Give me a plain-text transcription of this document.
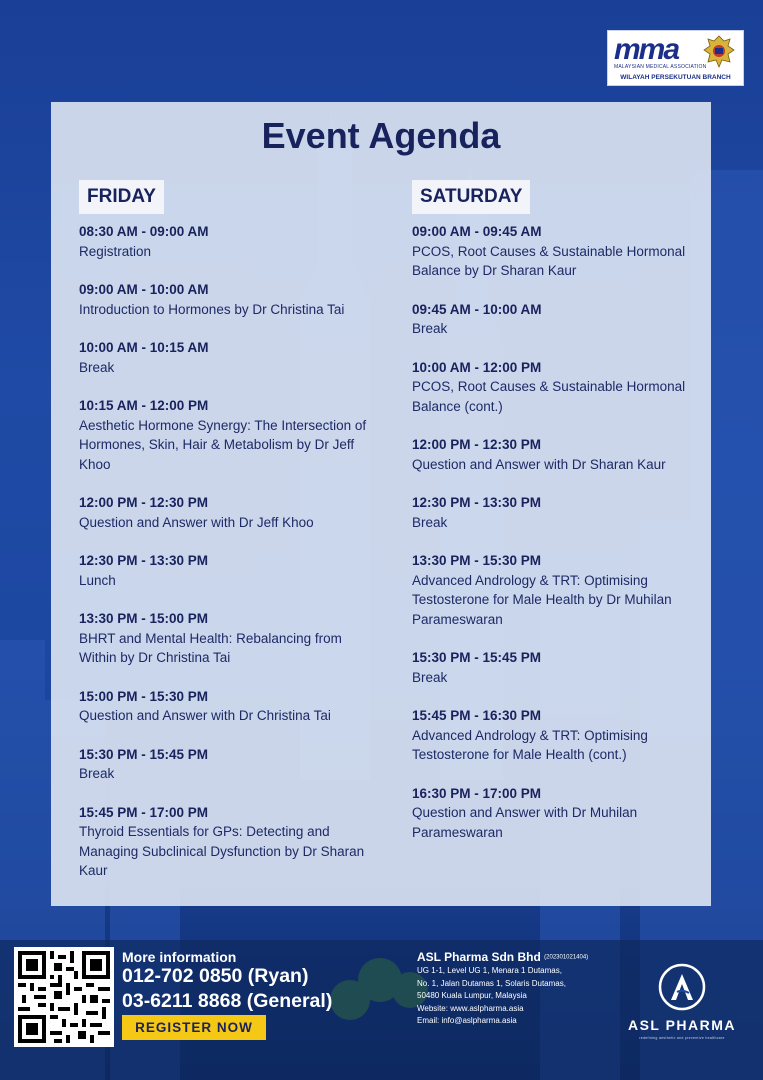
mma
MALAYSIAN MEDICAL ASSOCIATION
WILAYAH PERSEKUTUAN BRANCH
Event Agenda
FRIDAY	SATURDAY
08:30 AM - 09:00 AM
Registration
09:00 AM - 10:00 AM
Introduction to Hormones by Dr Christina Tai
10:00 AM - 10:15 AM
Break
10:15 AM - 12:00 PM
Aesthetic Hormone Synergy: The Intersection of Hormones, Skin, Hair & Metabolism by Dr Jeff Khoo
12:00 PM - 12:30 PM
Question and Answer with Dr Jeff Khoo
12:30 PM - 13:30 PM
Lunch
13:30 PM - 15:00 PM
BHRT and Mental Health: Rebalancing from Within by Dr Christina Tai
15:00 PM - 15:30 PM
Question and Answer with Dr Christina Tai
15:30 PM - 15:45 PM
Break
15:45 PM - 17:00 PM
Thyroid Essentials for GPs: Detecting and Managing Subclinical Dysfunction by Dr Sharan Kaur
09:00 AM - 09:45 AM
PCOS, Root Causes & Sustainable Hormonal Balance by Dr Sharan Kaur
09:45 AM - 10:00 AM
Break
10:00 AM - 12:00 PM
PCOS, Root Causes & Sustainable Hormonal Balance (cont.)
12:00 PM - 12:30 PM
Question and Answer with Dr Sharan Kaur
12:30 PM - 13:30 PM
Break
13:30 PM - 15:30 PM
Advanced Andrology & TRT: Optimising Testosterone for Male Health by Dr Muhilan Parameswaran
15:30 PM - 15:45 PM
Break
15:45 PM - 16:30 PM
Advanced Andrology & TRT: Optimising Testosterone for Male Health (cont.)
16:30 PM - 17:00 PM
Question and Answer with Dr Muhilan Parameswaran
More information
012-702 0850 (Ryan)
03-6211 8868 (General)
REGISTER NOW
ASL Pharma Sdn Bhd (202301021404)
UG 1-1, Level UG 1, Menara 1 Dutamas,
No. 1, Jalan Dutamas 1, Solaris Dutamas,
50480 Kuala Lumpur, Malaysia
Website: www.aslpharma.asia
Email: info@aslpharma.asia	ASL PHARMA
redefining aesthetic and preventive healthcare
